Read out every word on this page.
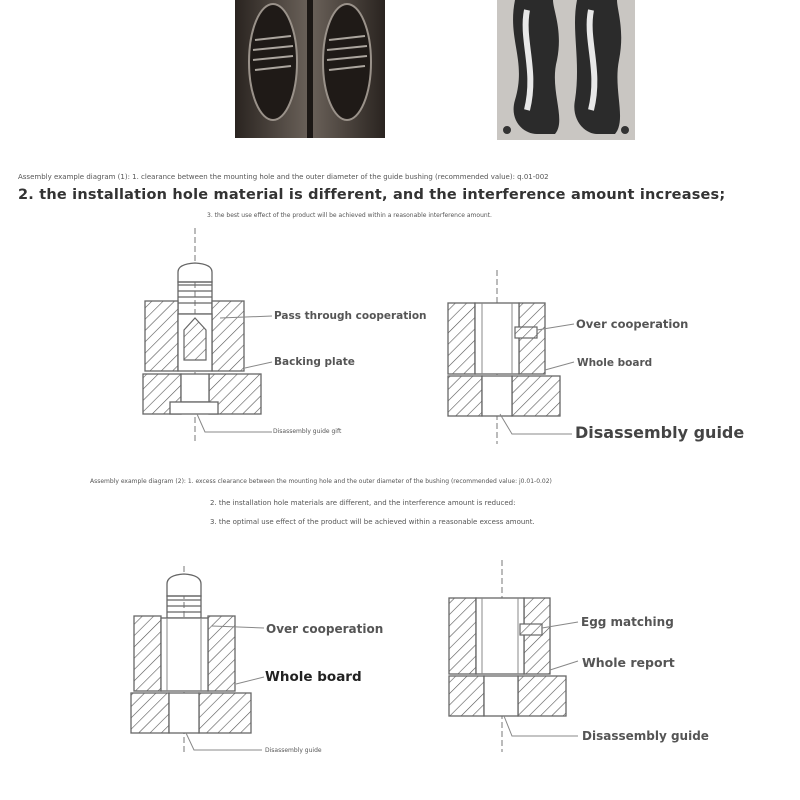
Assembly example diagram (1): 1. clearance between the mounting hole and the outer diameter of the guide bushing (recommended value): q.01-002
2. the installation hole material is different, and the interference amount increases;
3. the best use effect of the product will be achieved within a reasonable interference amount.
Pass through cooperation
Backing plate
Disassembly guide gift
Over cooperation
Whole board
Disassembly guide
Assembly example diagram (2): 1. excess clearance between the mounting hole and the outer diameter of the bushing (recommended value: j0.01-0.02)
2. the installation hole materials are different, and the interference amount is reduced:
3. the optimal use effect of the product will be achieved within a reasonable excess amount.
Over cooperation
Whole board
Disassembly guide
Egg matching
Whole report
Disassembly guide
